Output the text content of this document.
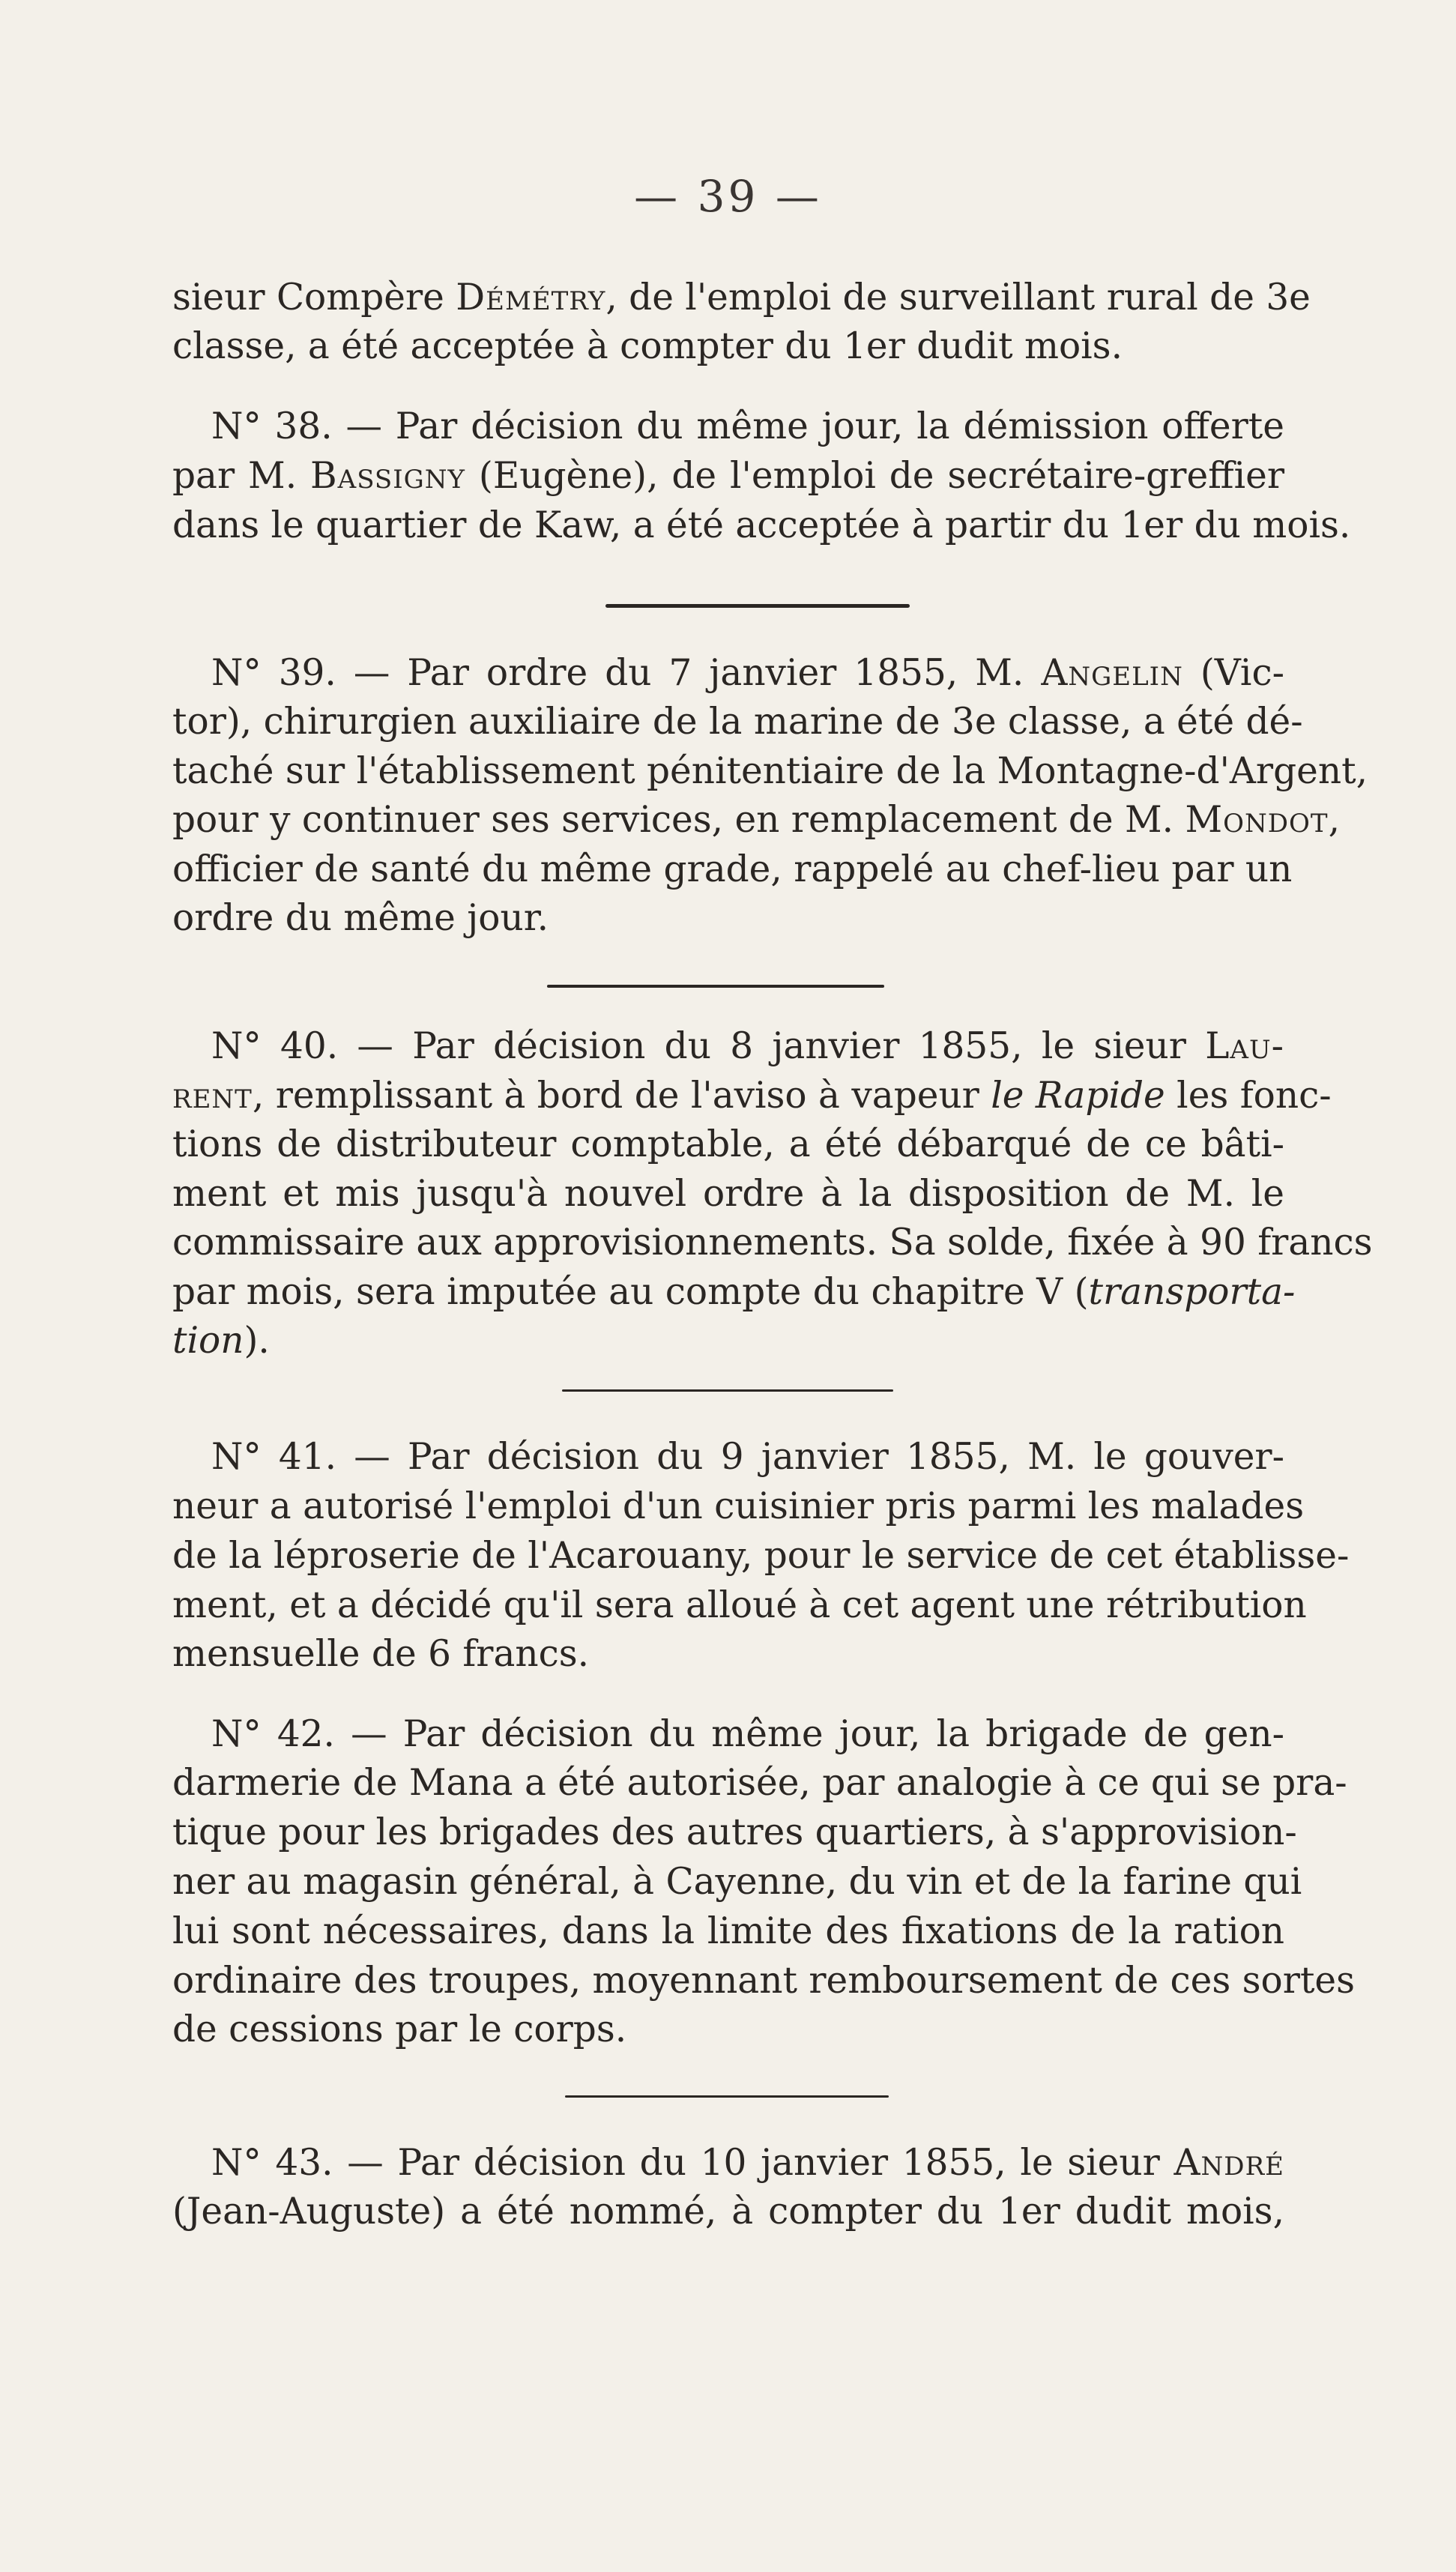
— 39 —
sieur Compère Démétry, de l'emploi de surveillant rural de 3e
classe, a été acceptée à compter du 1er dudit mois.
N° 38. — Par décision du même jour, la démission offerte
par M. Bassigny (Eugène), de l'emploi de secrétaire-greffier
dans le quartier de Kaw, a été acceptée à partir du 1er du mois.
N° 39. — Par ordre du 7 janvier 1855, M. Angelin (Vic-
tor), chirurgien auxiliaire de la marine de 3e classe, a été dé-
taché sur l'établissement pénitentiaire de la Montagne-d'Argent,
pour y continuer ses services, en remplacement de M. Mondot,
officier de santé du même grade, rappelé au chef-lieu par un
ordre du même jour.
N° 40. — Par décision du 8 janvier 1855, le sieur Lau-
rent, remplissant à bord de l'aviso à vapeur le Rapide les fonc-
tions de distributeur comptable, a été débarqué de ce bâti-
ment et mis jusqu'à nouvel ordre à la disposition de M. le
commissaire aux approvisionnements. Sa solde, fixée à 90 francs
par mois, sera imputée au compte du chapitre V (transporta-
tion).
N° 41. — Par décision du 9 janvier 1855, M. le gouver-
neur a autorisé l'emploi d'un cuisinier pris parmi les malades
de la léproserie de l'Acarouany, pour le service de cet établisse-
ment, et a décidé qu'il sera alloué à cet agent une rétribution
mensuelle de 6 francs.
N° 42. — Par décision du même jour, la brigade de gen-
darmerie de Mana a été autorisée, par analogie à ce qui se pra-
tique pour les brigades des autres quartiers, à s'approvision-
ner au magasin général, à Cayenne, du vin et de la farine qui
lui sont nécessaires, dans la limite des fixations de la ration
ordinaire des troupes, moyennant remboursement de ces sortes
de cessions par le corps.
N° 43. — Par décision du 10 janvier 1855, le sieur André
(Jean-Auguste) a été nommé, à compter du 1er dudit mois,
